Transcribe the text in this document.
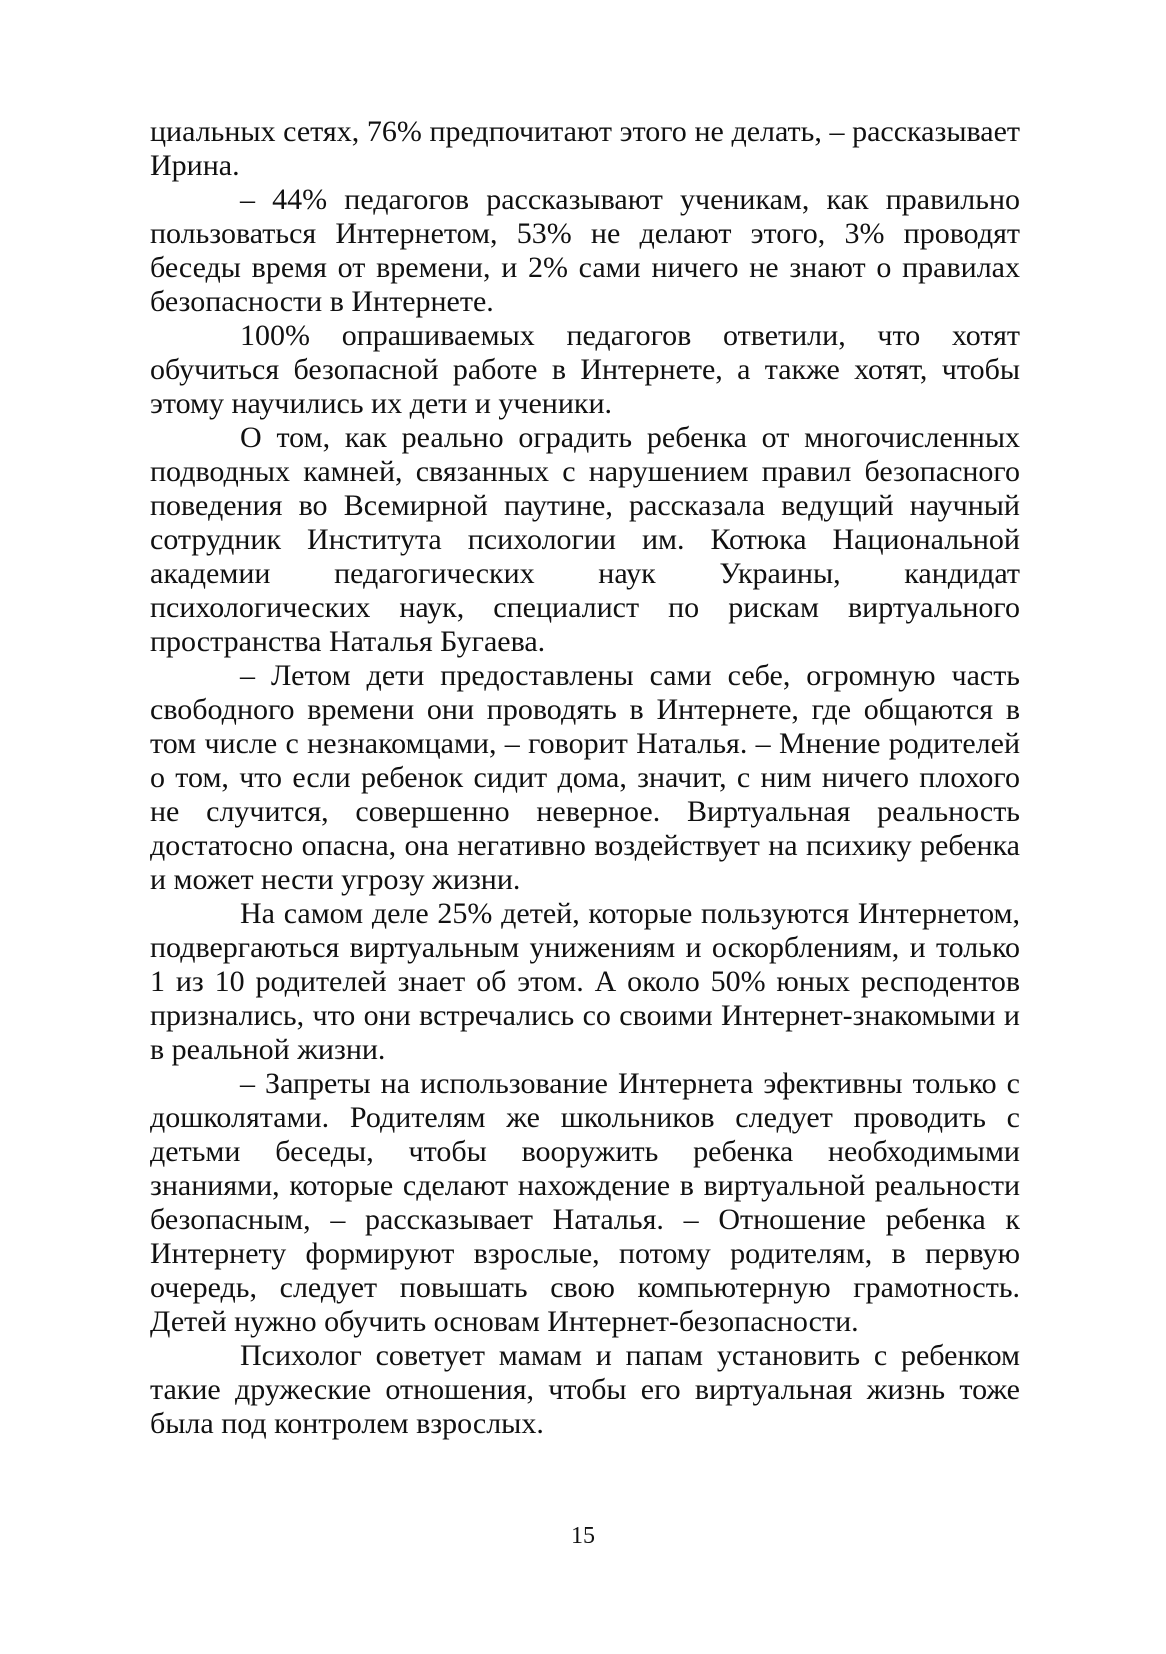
циальных сетях, 76% предпочитают этого не делать, – рассказывает Ирина.

– 44% педагогов рассказывают ученикам, как правильно пользоваться Интернетом, 53% не делают этого, 3% проводят беседы время от времени, и 2% сами ничего не знают о правилах безопасности в Интернете.

100% опрашиваемых педагогов ответили, что хотят обучиться безопасной работе в Интернете, а также хотят, чтобы этому научились их дети и ученики.

О том, как реально оградить ребенка от многочисленных подводных камней, связанных с нарушением правил безопасного поведения во Всемирной паутине, рассказала ведущий научный сотрудник Института психологии им. Котюка Национальной академии педагогических наук Украины, кандидат психологических наук, специалист по рискам виртуального пространства Наталья Бугаева.

– Летом дети предоставлены сами себе, огромную часть свободного времени они проводять в Интернете, где общаются в том числе с незнакомцами, – говорит Наталья. – Мнение родителей о том, что если ребенок сидит дома, значит, с ним ничего плохого не случится, совершенно неверное. Виртуальная реальность достатосно опасна, она негативно воздействует на психику ребенка и может нести угрозу жизни.

На самом деле 25% детей, которые пользуются Интернетом, подвергаються виртуальным унижениям и оскорблениям, и только 1 из 10 родителей знает об этом. А около 50% юных респодентов признались, что они встречались со своими Интернет-знакомыми и в реальной жизни.

– Запреты на использование Интернета эфективны только с дошколятами. Родителям же школьников следует проводить с детьми беседы, чтобы вооружить ребенка необходимыми знаниями, которые сделают нахождение в виртуальной реальности безопасным, – рассказывает Наталья. – Отношение ребенка к Интернету формируют взрослые, потому родителям, в первую очередь, следует повышать свою компьютерную грамотность. Детей нужно обучить основам Интернет-безопасности.

Психолог советует мамам и папам установить с ребенком такие дружеские отношения, чтобы его виртуальная жизнь тоже была под контролем взрослых.

15
